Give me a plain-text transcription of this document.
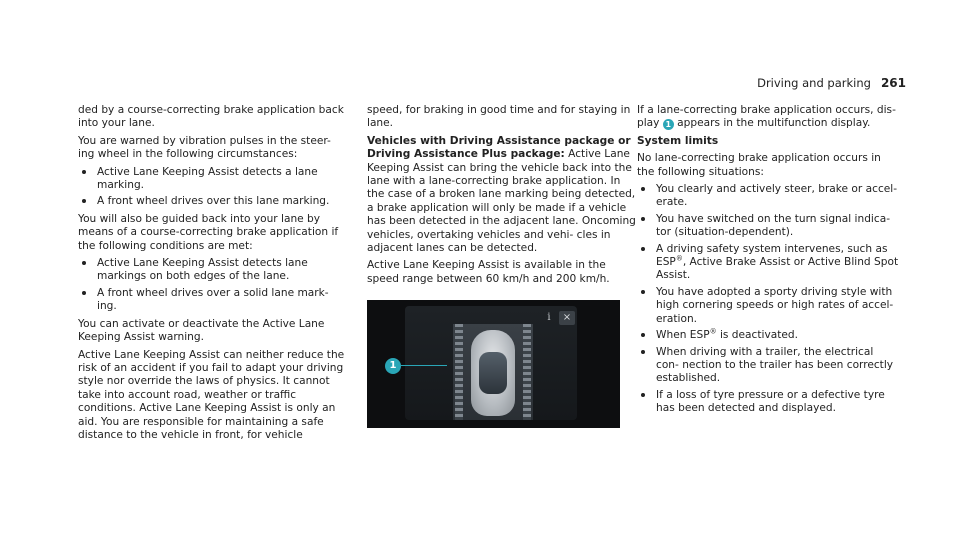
Driving and parking 261

ded by a course-correcting brake application back into your lane.

You are warned by vibration pulses in the steer- ing wheel in the following circumstances:

Active Lane Keeping Assist detects a lane marking.
A front wheel drives over this lane marking.

You will also be guided back into your lane by means of a course-correcting brake application if the following conditions are met:

Active Lane Keeping Assist detects lane markings on both edges of the lane.
A front wheel drives over a solid lane mark- ing.

You can activate or deactivate the Active Lane Keeping Assist warning.

Active Lane Keeping Assist can neither reduce the risk of an accident if you fail to adapt your driving style nor override the laws of physics. It cannot take into account road, weather or traffic conditions. Active Lane Keeping Assist is only an aid. You are responsible for maintaining a safe distance to the vehicle in front, for vehicle

speed, for braking in good time and for staying in lane.

Vehicles with Driving Assistance package or Driving Assistance Plus package: Active Lane Keeping Assist can bring the vehicle back into the lane with a lane-correcting brake application. In the case of a broken lane marking being detected, a brake application will only be made if a vehicle has been detected in the adjacent lane. Oncoming vehicles, overtaking vehicles and vehi- cles in adjacent lanes can be detected.

Active Lane Keeping Assist is available in the speed range between 60 km/h and 200 km/h.

i	×
1

If a lane-correcting brake application occurs, dis- play 1 appears in the multifunction display.

System limits

No lane-correcting brake application occurs in the following situations:

You clearly and actively steer, brake or accel- erate.
You have switched on the turn signal indica- tor (situation-dependent).
A driving safety system intervenes, such as ESP®, Active Brake Assist or Active Blind Spot Assist.
You have adopted a sporty driving style with high cornering speeds or high rates of accel- eration.
When ESP® is deactivated.
When driving with a trailer, the electrical con- nection to the trailer has been correctly established.
If a loss of tyre pressure or a defective tyre has been detected and displayed.
